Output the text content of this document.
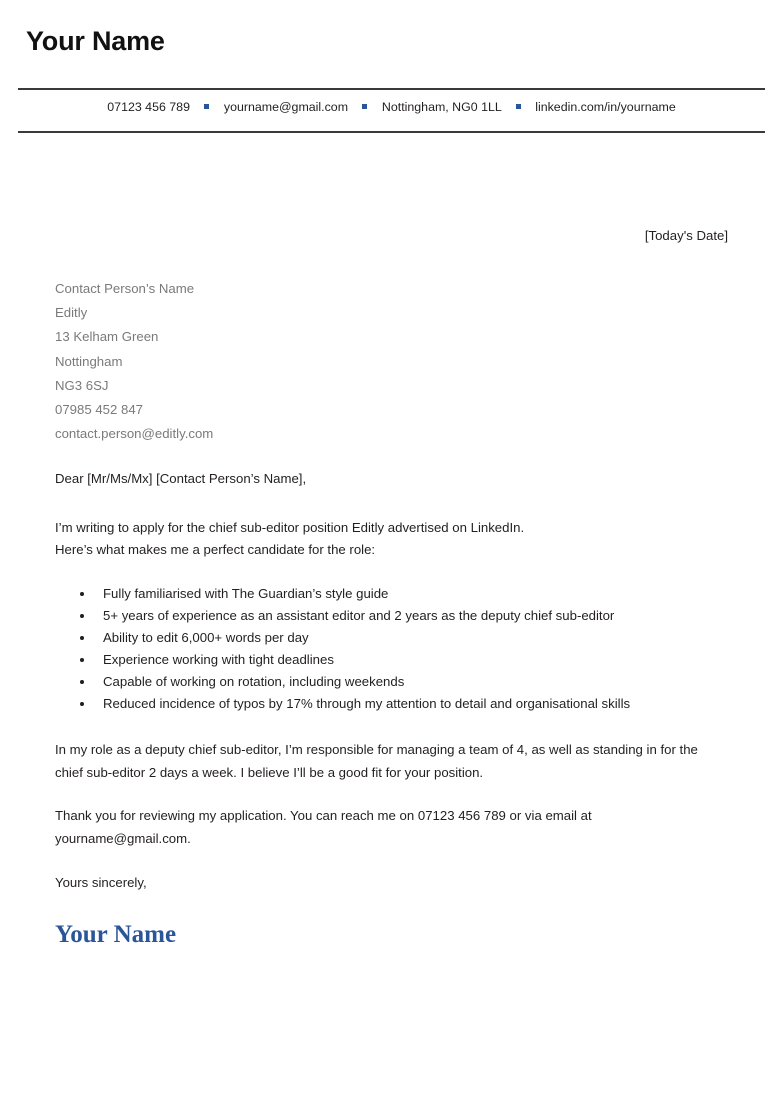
Your Name
07123 456 789	yourname@gmail.com	Nottingham, NG0 1LL	linkedin.com/in/yourname
[Today's Date]
Contact Person’s Name
Editly
13 Kelham Green
Nottingham
NG3 6SJ
07985 452 847
contact.person@editly.com
Dear [Mr/Ms/Mx] [Contact Person’s Name],
I’m writing to apply for the chief sub-editor position Editly advertised on LinkedIn.
Here’s what makes me a perfect candidate for the role:
Fully familiarised with The Guardian’s style guide
5+ years of experience as an assistant editor and 2 years as the deputy chief sub-editor
Ability to edit 6,000+ words per day
Experience working with tight deadlines
Capable of working on rotation, including weekends
Reduced incidence of typos by 17% through my attention to detail and organisational skills
In my role as a deputy chief sub-editor, I’m responsible for managing a team of 4, as well as standing in for the chief sub-editor 2 days a week. I believe I’ll be a good fit for your position.
Thank you for reviewing my application. You can reach me on 07123 456 789 or via email at yourname@gmail.com.
Yours sincerely,
Your Name
